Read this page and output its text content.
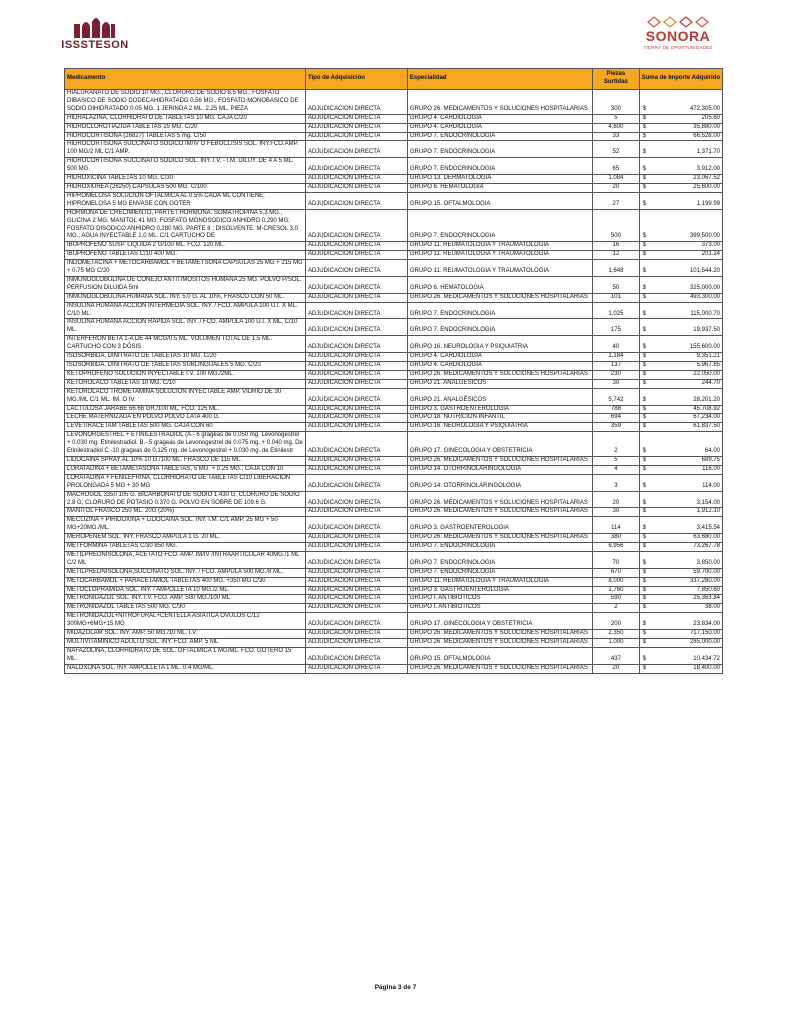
ISSSTESON
SONORA
TIERRA DE OPORTUNIDADES
Medicamento	Tipo de Adquisición	Especialidad	Piezas Surtidas	Suma de Importe Adquirido
HIALURANATO DE SODIO 10 MG., CLORURO DE SODIO 8.5 MG., FOSFATO DIBASICO DE SODIO DODECAHIDRATADO 0.56 MG., FOSFATO MONOBASICO DE SODIO DIHIDRATADO 0.05 MG. 1 JERINGA 2 ML. 2.25 ML. PIEZA	ADJUDICACION DIRECTA	GRUPO 26. MEDICAMENTOS Y SOLUCIONES HOSPITALARIAS	300	$ 472,305.00

HIDRALAZINA, CLORHIDRATO DE TABLETAS 10 MG. CAJA C/20	ADJUDICACION DIRECTA	GRUPO 4. CARDIOLOGIA	5	$ 205.60

HIDROCLOROTIAZIDA TABLETAS 25 MG. C/20	ADJUDICACION DIRECTA	GRUPO 4. CARDIOLOGIA	4,600	$ 35,880.00

HIDROCORTISONA (26827) TABLETAS 5 mg. C/50	ADJUDICACION DIRECTA	GRUPO 7. ENDOCRINOLOGIA	33	$ 66,528.00

HIDROCORTISONA SUCCINATO SODICO IM/IV O FEBOCLISIS SOL. INY.FCO.AMP. 100 MG/2 ML C/1 AMP.	ADJUDICACION DIRECTA	GRUPO 7. ENDOCRINOLOGIA	52	$ 1,371.70

HIDROCORTISONA SUCCINATO SODICO SOL. INY. I.V. - I.M. DILUY. DE 4 A 5 ML. 500 MG.	ADJUDICACION DIRECTA	GRUPO 7. ENDOCRINOLOGIA	65	$ 3,912.00

HIDROXICINA TABLETAS 10 MG. C/30	ADJUDICACION DIRECTA	GRUPO 13. DERMATOLOGIA	1,084	$ 23,067.52

HIDROXIUREA (26250) CAPSULAS 500 MG. C/100	ADJUDICACION DIRECTA	GRUPO 6. HEMATOLOGIA	20	$ 25,600.00

HIPROMELOSA SOLUCION OFTALMICA AL 0.5% CADA ML CONTIENE: HIPROMELOSA 5 MG ENVASE CON GOTER	ADJUDICACION DIRECTA	GRUPO 15. OFTALMOLOGIA	27	$ 1,199.99

HORMONA DE CRECIMIENTO, PARTE I HORMONA: SOMATROPINA 5,3 MG., GLICINA 2 MG. MANITOL 41 MG; FOSFATO MONOSODICO ANHIDRO 0,290 MG; FOSFATO DISODICO ANHIDRO 0,280 MG. PARTE II ; DISOLVENTE: M-CRESOL 3,0 MG.; AGUA INYECTABLE 1,0 ML. C/1 CARTUCHO DE	ADJUDICACION DIRECTA	GRUPO 7. ENDOCRINOLOGIA	500	$ 399,500.00

IBUPROFENO SUSP. LIQUIDA 2 G/100 ML. FCO. 120 ML.	ADJUDICACION DIRECTA	GRUPO 11. REUMATOLOGIA Y TRAUMATOLOGIA	16	$ 373.00

IBUPROFENO TABLETAS C/10 400 MG.	ADJUDICACION DIRECTA	GRUPO 11. REUMATOLOGIA Y TRAUMATOLOGIA	12	$ 201.24

INDOMETACINA + METOCARBAMOL + BETAMETSONA CAPSULAS 25 MG + 215 MG + 0.75 MG C/20	ADJUDICACION DIRECTA	GRUPO 11. REUMATOLOGIA Y TRAUMATOLOGIA	1,648	$ 101,544.20

INMUNOGLOBULINA DE CONEJO ANTITIMOSITOS HUMANA 25 MG. POLVO P/SOL. PERFUSION DILUIDA 5ml	ADJUDICACION DIRECTA	GRUPO 6. HEMATOLOGIA	50	$ 325,000.00

INMUNOGLOBULINA HUMANA SOL. INY. 5.0 G. AL 10%, FRASCO CON 50 ML.	ADJUDICACION DIRECTA	GRUPO 26. MEDICAMENTOS Y SOLUCIONES HOSPITALARIAS	101	$ 493,300.00

INSULINA HUMANA ACCION INTERMEDIA SOL. INY. / FCO. AMPULA 100 U.I. X ML. C/10 ML.	ADJUDICACION DIRECTA	GRUPO 7. ENDOCRINOLOGIA	1,025	$ 115,000.70

INSULINA HUMANA ACCION RAPIDA SOL. INY. / FCO. AMPULA 100 U.I. X ML. C/10 ML.	ADJUDICACION DIRECTA	GRUPO 7. ENDOCRINOLOGIA	175	$ 19,937.50

INTERFERON BETA 1-A DE 44 MCG/0.5 ML. VOLUMEN TOTAL DE 1.5 ML. CARTUCHO CON 3 DÓSIS	ADJUDICACION DIRECTA	GRUPO 16. NEUROLOGIA Y PSIQUIATRIA	40	$ 155,600.00

ISOSORBIDA, DINITRATO DE TABLETAS 10 MG. C/20	ADJUDICACION DIRECTA	GRUPO 4. CARDIOLOGIA	1,184	$ 9,351.21

ISOSORBIDA, DINITRATO DE TABLETAS SUBLINGUALES 5 MG. C/20	ADJUDICACION DIRECTA	GRUPO 4. CARDIOLOGIA	137	$ 5,967.85

KETOPROFENO SOLUCION INYECTABLE I.V. 100 MG./2ML.	ADJUDICACION DIRECTA	GRUPO 26. MEDICAMENTOS Y SOLUCIONES HOSPITALARIAS	230	$ 22,050.00

KETOROLACO TABLETAS 10 MG. C/10	ADJUDICACION DIRECTA	GRUPO 21. ANALGÉSICOS	30	$ 244.70

KETOROLACO TROMETAMINA SOLUCION INYECTABLE AMP. VIDRIO DE 30 MG./ML C/1 ML. IM. O IV.	ADJUDICACION DIRECTA	GRUPO 21. ANALGÉSICOS	5,742	$ 28,201.20

LACTULOSA JARABE 66.66 GR./100 ML. FCO. 125 ML.	ADJUDICACION DIRECTA	GRUPO 3. GASTROENTEROLOGIA	788	$ 45,708.92

LECHE MATERNIZADA EN POLVO POLVO LATA 400 G.	ADJUDICACION DIRECTA	GRUPO 18. NUTRICION INFANTIL	694	$ 67,234.00

LEVETIRACETAM TABLETAS 500 MG. CAJA CON 60	ADJUDICACION DIRECTA	GRUPO 16. NEUROLOGIA Y PSIQUIATRIA	359	$ 61,837.50

LEVONORGESTREL + ETINILESTRADIOL (A.- 6 grageas de 0.050 mg. Levonogestrel + 0.030 mg. Etinilestradiol. B.- 5 grageas de Levonogestrel de 0.075 mg. + 0.040 mg. De Etinilestradiol C.-10 grageas de 0.125 mg. de Levonogestrel + 0.030 mg. de Etinilestr	ADJUDICACION DIRECTA	GRUPO 17. GINECOLOGIA Y OBSTETRICIA	2	$ 64.00

LIDOCAINA SPRAY AL 10% 10 G./100 ML. FRASCO DE 115 ML.	ADJUDICACION DIRECTA	GRUPO 26. MEDICAMENTOS Y SOLUCIONES HOSPITALARIAS	5	$ 689.75

LORATADINA + BETAMETASONA TABLETAS, 5 MG. + 0.25 MG., CAJA CON 10	ADJUDICACION DIRECTA	GRUPO 14. OTORRINOLARINGOLOGIA	4	$ 116.00

LORATADINA + FENILEFRINA, CLORHIDRATO DE TABLETAS C/10 LIBERACION PROLONGADA 5 MG + 30 MG	ADJUDICACION DIRECTA	GRUPO 14. OTORRINOLARINGOLOGIA	3	$ 114.00

MACROGOL 3350 105 G. BICARBONATO DE SODIO 1.430 G, CLORURO DE SODIO 2.8 G, CLORURO DE POTASIO 0.370 G. POLVO EN SOBRE DE 109.6 G.	ADJUDICACION DIRECTA	GRUPO 26. MEDICAMENTOS Y SOLUCIONES HOSPITALARIAS	20	$ 3,154.00

MANITOL FRASCO 250 ML. 20G (20%)	ADJUDICACION DIRECTA	GRUPO 26. MEDICAMENTOS Y SOLUCIONES HOSPITALARIAS	30	$ 1,912.10

MECLIZINA + PIRIDOXINA + LIDOCAINA SOL. INY. I.M. C/1 AMP. 25 MG + 50 MG+20MG./ML.	ADJUDICACION DIRECTA	GRUPO 3. GASTROENTEROLOGIA	114	$ 3,415.54

MEROPENEM SOL. INY. FRASCO AMPULA 1 G. 20 ML.	ADJUDICACION DIRECTA	GRUPO 26. MEDICAMENTOS Y SOLUCIONES HOSPITALARIAS	380	$ 63,680.00

METFORMINA TABLETAS C/30 850 MG.	ADJUDICACION DIRECTA	GRUPO 7. ENDOCRINOLOGIA	6,956	$ 73,267.78

METILPREDNISOLONA, ACETATO FCO. AMP. IM/IV /INTRAARTICULAR 40MG./1 ML C/2 ML	ADJUDICACION DIRECTA	GRUPO 7. ENDOCRINOLOGIA	70	$ 3,850.00

METILPREDNISOLONA,SUCCINATO SOL. INY. / FCO. AMPULA 500 MG./8 ML.	ADJUDICACION DIRECTA	GRUPO 7. ENDOCRINOLOGIA	670	$ 59,700.00

METOCARBAMOL + PARACETAMOL TABLETAS 400 MG. +350 MG C/30	ADJUDICACION DIRECTA	GRUPO 11. REUMATOLOGIA Y TRAUMATOLOGIA	8,000	$ 337,280.00

METOCLOPRAMIDA SOL. INY. / AMPOLLETA 10 MG./2 ML.	ADJUDICACION DIRECTA	GRUPO 3. GASTROENTEROLOGIA	1,760	$ 7,850.60

METRONIDAZOL SOL. INY. I.V. FCO. AMP. 500 MG./100 ML	ADJUDICACION DIRECTA	GRUPO I. ANTIBIOTICOS	590	$ 25,363.84

METRONIDAZOL TABLETAS 500 MG. C/30	ADJUDICACION DIRECTA	GRUPO I. ANTIBIOTICOS	2	$ 38.00

METRONIDAZOL+NITROFURAL+CENTELLA ASIATICA OVULOS C/12 300MG+6MG+15 MG	ADJUDICACION DIRECTA	GRUPO 17. GINECOLOGIA Y OBSTETRICIA	200	$ 23,834.00

MIDAZOLAM SOL. INY. AMP. 50 MG./10 ML. I.V.	ADJUDICACION DIRECTA	GRUPO 26. MEDICAMENTOS Y SOLUCIONES HOSPITALARIAS	2,350	$ 717,150.00

MULTIVITAMINICO ADULTO SOL. INY. FCO. AMP. 5 ML	ADJUDICACION DIRECTA	GRUPO 26. MEDICAMENTOS Y SOLUCIONES HOSPITALARIAS	1,000	$ 285,000.00

NAFAZOLINA, CLORHIDRATO DE SOL. OFTALMICA 1 MG/ML. FCO. GOTERO 15 ML.	ADJUDICACION DIRECTA	GRUPO 15. OFTALMOLOGIA	437	$ 10,434.72

NALOXONA SOL. INY. AMPOLLETA 1 ML. 0.4 MG/ML.	ADJUDICACION DIRECTA	GRUPO 26. MEDICAMENTOS Y SOLUCIONES HOSPITALARIAS	20	$ 18,400.00
Página 3 de 7
